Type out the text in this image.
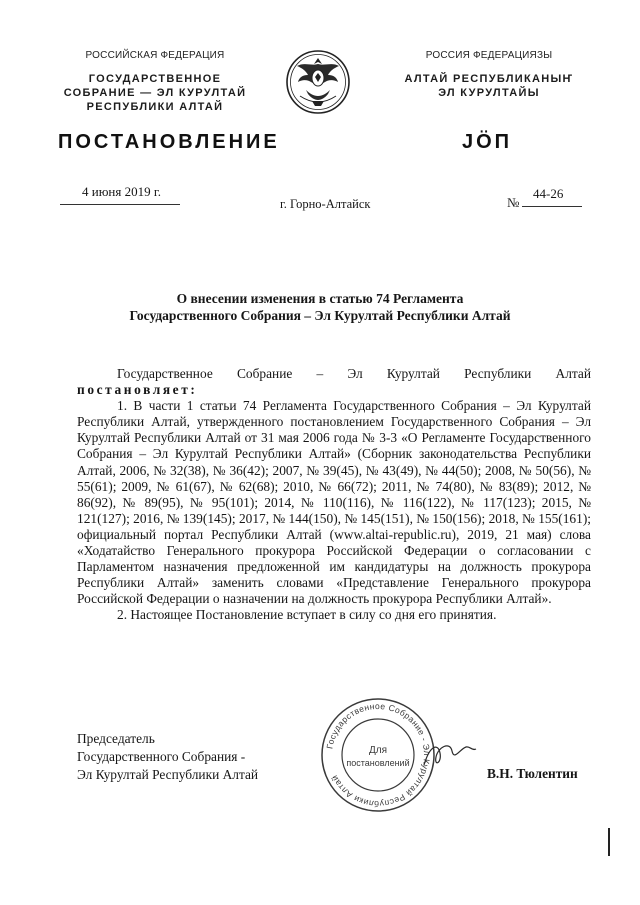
РОССИЙСКАЯ ФЕДЕРАЦИЯ
ГОСУДАРСТВЕННОЕ
СОБРАНИЕ — ЭЛ КУРУЛТАЙ
РЕСПУБЛИКИ АЛТАЙ
РОССИЯ ФЕДЕРАЦИЯЗЫ
АЛТАЙ РЕСПУБЛИКАНЫҤ
ЭЛ КУРУЛТАЙЫ
ПОСТАНОВЛЕНИЕ	JÖП
4 июня 2019 г.
г. Горно-Алтайск	№
44-26
О внесении изменения в статью 74 Регламента
Государственного Собрания – Эл Курултай Республики Алтай

Государственное Собрание – Эл Курултай Республики Алтай

постановляет:

1. В части 1 статьи 74 Регламента Государственного Собрания – Эл Курултай Республики Алтай, утвержденного постановлением Государственного Собрания – Эл Курултай Республики Алтай от 31 мая 2006 года № 3-3 «О Регламенте Государственного Собрания – Эл Курултай Республики Алтай» (Сборник законодательства Республики Алтай, 2006, № 32(38), № 36(42); 2007, № 39(45), № 43(49), № 44(50); 2008, № 50(56), № 55(61); 2009, № 61(67), № 62(68); 2010, № 66(72); 2011, № 74(80), № 83(89); 2012, № 86(92), № 89(95), № 95(101); 2014, № 110(116), № 116(122), № 117(123); 2015, № 121(127); 2016, № 139(145); 2017, № 144(150), № 145(151), № 150(156); 2018, № 155(161); официальный портал Республики Алтай (www.altai-republic.ru), 2019, 21 мая) слова «Ходатайство Генерального прокурора Российской Федерации о согласовании с Парламентом назначения предложенной им кандидатуры на должность прокурора Республики Алтай» заменить словами «Представление Генерального прокурора Российской Федерации о назначении на должность прокурора Республики Алтай».

2. Настоящее Постановление вступает в силу со дня его принятия.

Председатель
Государственного Собрания -
Эл Курултай Республики Алтай
Государственное Собрание - Эл Курултай Республики Алтай
Для
постановлений
В.Н. Тюлентин
